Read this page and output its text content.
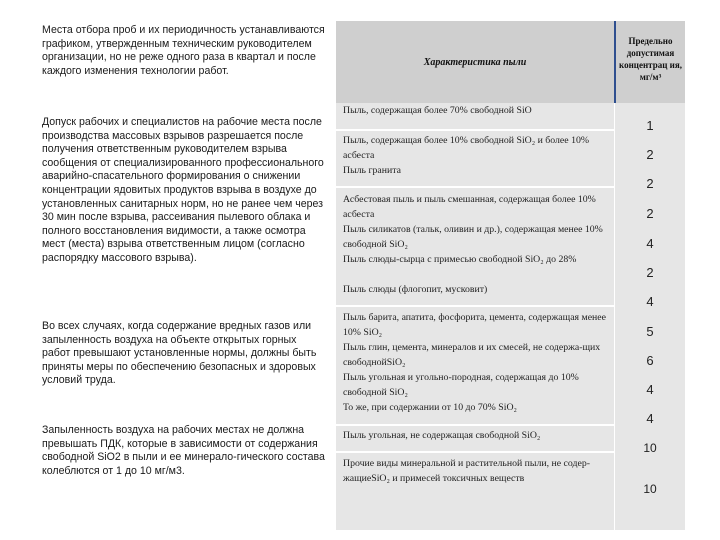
Места отбора проб и их периодичность устанавливаются графиком, утвержденным техническим руководителем организации, но не реже одного раза в квартал и после каждого изменения технологии работ.

Допуск рабочих и специалистов на рабочие места после производства массовых взрывов разрешается после получения ответственным руководителем взрыва сообщения от специализированного профессионального аварийно-спасательного формирования о снижении концентрации ядовитых продуктов взрыва в воздухе до установленных санитарных норм, но не ранее чем через 30 мин после взрыва, рассеивания пылевого облака и полного восстановления видимости, а также осмотра мест (места) взрыва ответственным лицом (согласно распорядку массового взрыва).

Во всех случаях, когда содержание вредных газов или запыленность воздуха на объекте открытых горных работ превышают установленные нормы, должны быть приняты меры по обеспечению безопасных и здоровых условий труда.

Запыленность воздуха на рабочих местах не должна превышать ПДК, которые в зависимости от содержания свободной SiO2 в пыли и ее минерало-гического состава колеблются от 1 до 10 мг/м3.

Характеристика пыли
Предельно допустимая концентрац ия, мг/м³
Пыль, содержащая более 70% свободной SiO
Пыль, содержащая более 10% свободной SiO₂ и более 10% асбеста
Пыль гранита
Асбестовая пыль и пыль смешанная, содержащая более 10% асбеста
Пыль силикатов (тальк, оливин и др.), содержащая менее 10% свободной SiO₂
Пыль слюды-сырца с примесью свободной SiO₂ до 28%
Пыль слюды (флогопит, мусковит)
Пыль барита, апатита, фосфорита, цемента, содержащая менее 10% SiO₂
Пыль глин, цемента, минералов и их смесей, не содержа-щих свободнойSiO₂
Пыль угольная и угольно-породная, содержащая до 10% свободной SiO₂
То же, при содержании от 10 до 70% SiO₂
Пыль угольная, не содержащая свободной SiO₂
Прочие виды минеральной и растительной пыли, не содер-жащиеSiO₂ и примесей токсичных веществ
1
2
2
2
4
2
4
5
6
4
4
10
10
